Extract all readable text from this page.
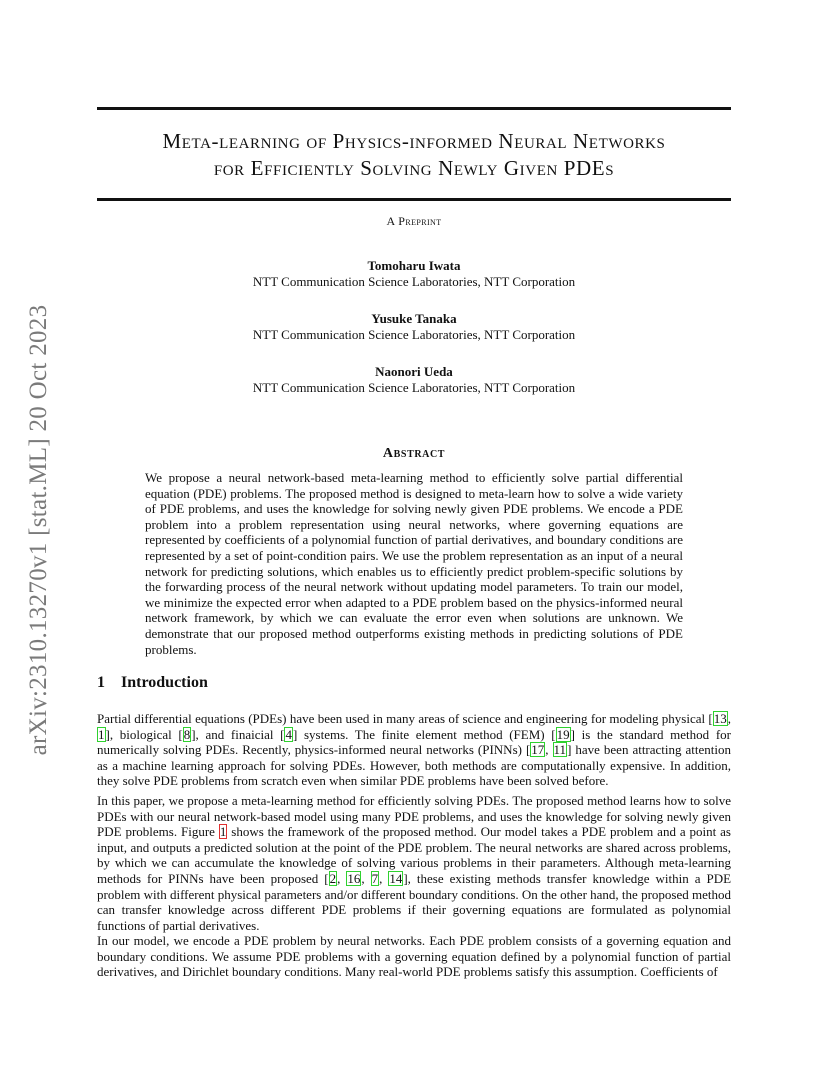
arXiv:2310.13270v1 [stat.ML] 20 Oct 2023
Meta-learning of Physics-informed Neural Networks
for Efficiently Solving Newly Given PDEs
A Preprint
Tomoharu Iwata
NTT Communication Science Laboratories, NTT Corporation
Yusuke Tanaka
NTT Communication Science Laboratories, NTT Corporation
Naonori Ueda
NTT Communication Science Laboratories, NTT Corporation
Abstract

We propose a neural network-based meta-learning method to efficiently solve partial differential equation (PDE) problems. The proposed method is designed to meta-learn how to solve a wide variety of PDE problems, and uses the knowledge for solving newly given PDE problems. We encode a PDE problem into a problem representation using neural networks, where governing equations are represented by coefficients of a polynomial function of partial derivatives, and boundary conditions are represented by a set of point-condition pairs. We use the problem representation as an input of a neural network for predicting solutions, which enables us to efficiently predict problem-specific solutions by the forwarding process of the neural network without updating model parameters. To train our model, we minimize the expected error when adapted to a PDE problem based on the physics-informed neural network framework, by which we can evaluate the error even when solutions are unknown. We demonstrate that our proposed method outperforms existing methods in predicting solutions of PDE problems.

1 Introduction

Partial differential equations (PDEs) have been used in many areas of science and engineering for modeling physical [13, 1], biological [8], and finaicial [4] systems. The finite element method (FEM) [19] is the standard method for numerically solving PDEs. Recently, physics-informed neural networks (PINNs) [17, 11] have been attracting attention as a machine learning approach for solving PDEs. However, both methods are computationally expensive. In addition, they solve PDE problems from scratch even when similar PDE problems have been solved before.

In this paper, we propose a meta-learning method for efficiently solving PDEs. The proposed method learns how to solve PDEs with our neural network-based model using many PDE problems, and uses the knowledge for solving newly given PDE problems. Figure 1 shows the framework of the proposed method. Our model takes a PDE problem and a point as input, and outputs a predicted solution at the point of the PDE problem. The neural networks are shared across problems, by which we can accumulate the knowledge of solving various problems in their parameters. Although meta-learning methods for PINNs have been proposed [2, 16, 7, 14], these existing methods transfer knowledge within a PDE problem with different physical parameters and/or different boundary conditions. On the other hand, the proposed method can transfer knowledge across different PDE problems if their governing equations are formulated as polynomial functions of partial derivatives.

In our model, we encode a PDE problem by neural networks. Each PDE problem consists of a governing equation and boundary conditions. We assume PDE problems with a governing equation defined by a polynomial function of partial derivatives, and Dirichlet boundary conditions. Many real-world PDE problems satisfy this assumption. Coefficients of
